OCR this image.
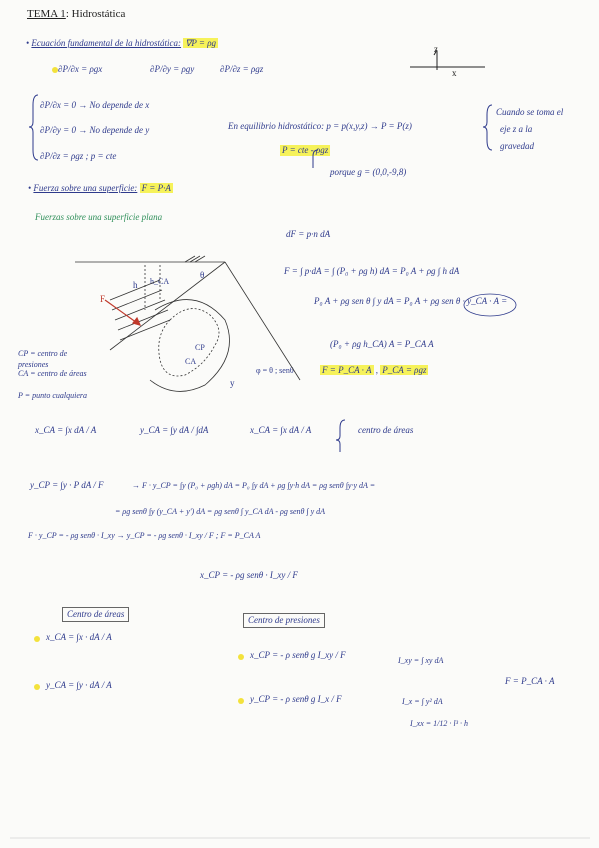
TEMA 1: Hidrostática
• Ecuación fundamental de la hidrostática: ∇P = ρg
∂P/∂x = ρgx	∂P/∂y = ρgy	∂P/∂z = ρgz
z
x
∂P/∂x = 0 → No depende de x
∂P/∂y = 0 → No depende de y
∂P/∂z = ρgz ; p = cte
En equilibrio hidrostático: p = p(x,y,z) → P = P(z)
Cuando se toma el
eje z a la
gravedad
P = cte - ρgz
porque g = (0,0,-9,8)
• Fuerza sobre una superficie: F = P·A
Fuerzas sobre una superficie plana
dF = p·n dA
F = ∫ p·dA = ∫ (P₀ + ρg h) dA = P₀ A + ρg ∫ h dA
P₀ A + ρg sen θ ∫ y dA = P₀ A + ρg sen θ · y_CA · A =
(P₀ + ρg h_CA) A = P_CA A
F = P_CA · A , P_CA = ρgz
F
h h_CA
θ
CP
CA
y
φ = θ ; senθ
CP = centro de presiones
CA = centro de áreas
P = punto cualquiera
x_CA = ∫x dA / A	y_CA = ∫y dA / ∫dA	x_CA = ∫x dA / A	centro de áreas
y_CP = ∫y · P dA / F	→ F · y_CP = ∫y (P₀ + ρgh) dA = P₀ ∫y dA + ρg ∫y·h dA = ρg senθ ∫y·y dA =
= ρg senθ ∫y (y_CA + y') dA = ρg senθ ∫ y_CA dA - ρg senθ ∫ y dA
F · y_CP = - ρg senθ · I_xy → y_CP = - ρg senθ · I_xy / F ; F = P_CA A
x_CP = - ρg senθ · I_xy / F
Centro de áreas
x_CA = ∫x · dA / A
y_CA = ∫y · dA / A
Centro de presiones
x_CP = - ρ senθ g I_xy / F
I_xy = ∫ xy dA
F = P_CA · A
y_CP = - ρ senθ g I_x / F	I_x = ∫ y² dA
I_xx = 1/12 · l³ · h
